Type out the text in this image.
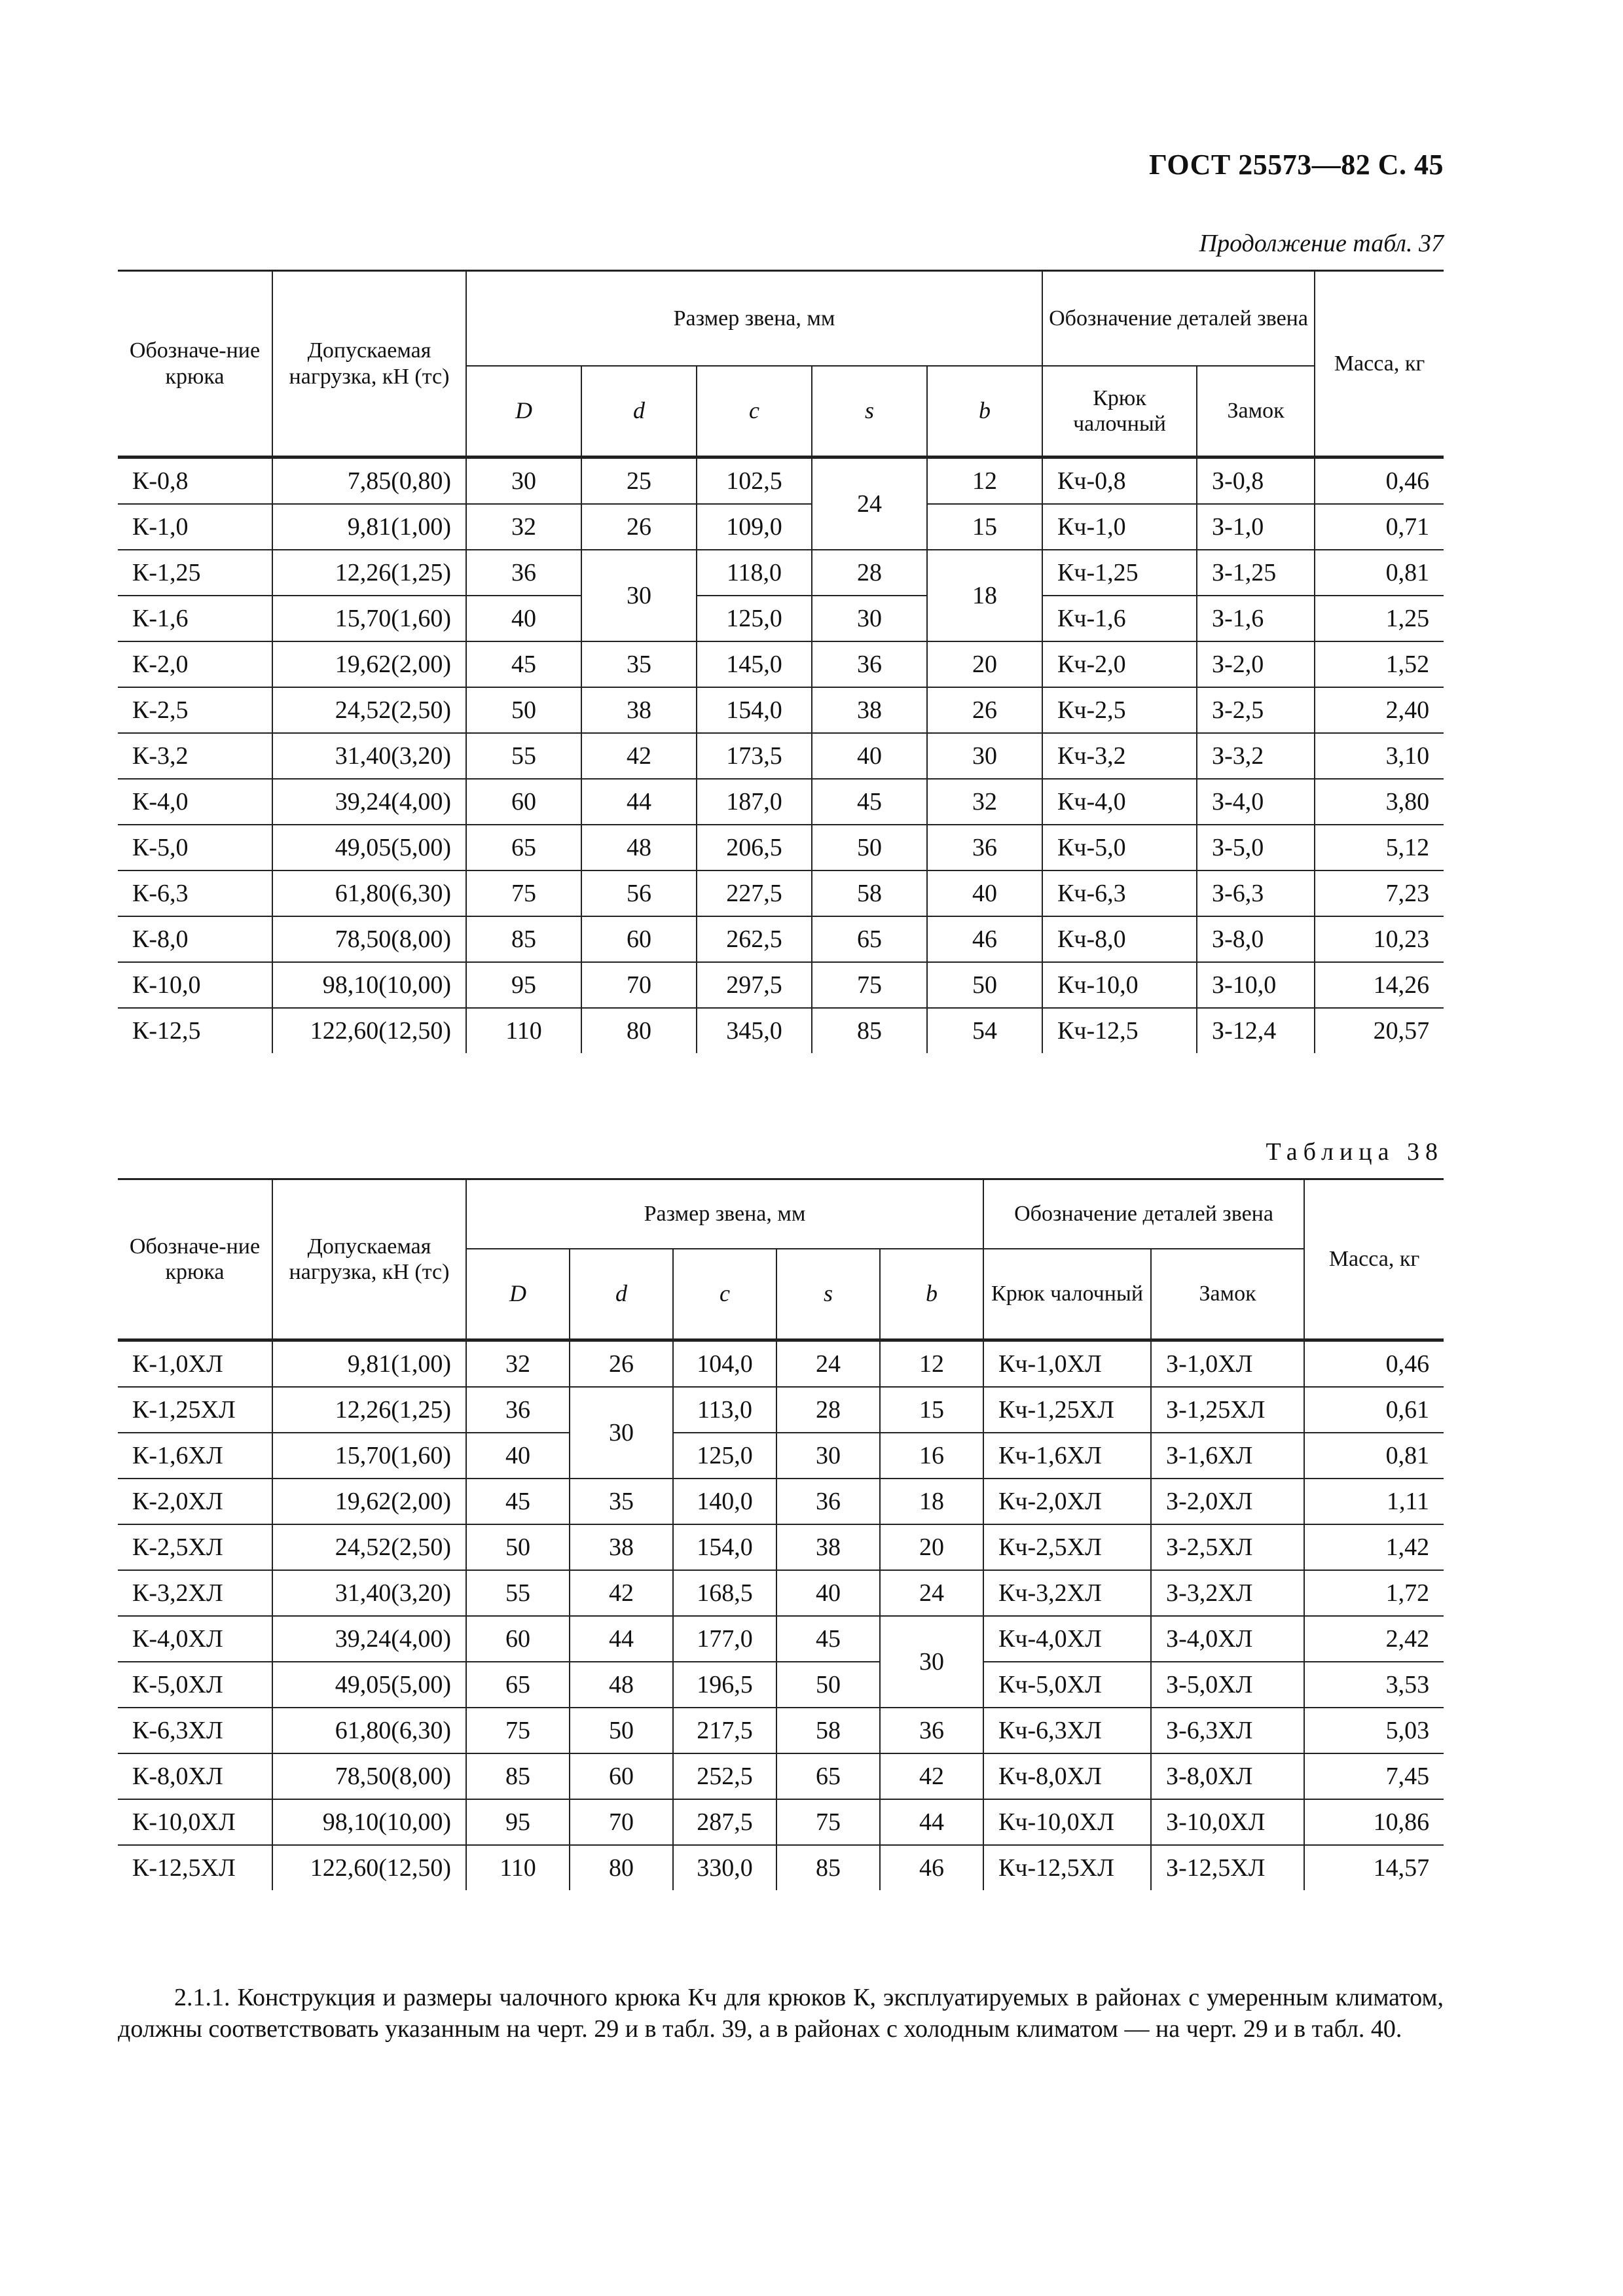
ГОСТ 25573—82 С. 45
Продолжение табл. 37
Обозначе-ние крюка	Допускаемая нагрузка, кН (тс)	Размер звена, мм					Обозначение деталей звена		Масса, кг
		D	d	c	s	b	Крюк чалочный	Замок	
К-0,8	7,85(0,80)	30	25	102,5	24	12	Кч-0,8	З-0,8	0,46
К-1,0	9,81(1,00)	32	26	109,0		15	Кч-1,0	З-1,0	0,71
К-1,25	12,26(1,25)	36	30	118,0	28	18	Кч-1,25	З-1,25	0,81
К-1,6	15,70(1,60)	40		125,0	30		Кч-1,6	З-1,6	1,25
К-2,0	19,62(2,00)	45	35	145,0	36	20	Кч-2,0	З-2,0	1,52
К-2,5	24,52(2,50)	50	38	154,0	38	26	Кч-2,5	З-2,5	2,40
К-3,2	31,40(3,20)	55	42	173,5	40	30	Кч-3,2	З-3,2	3,10
К-4,0	39,24(4,00)	60	44	187,0	45	32	Кч-4,0	З-4,0	3,80
К-5,0	49,05(5,00)	65	48	206,5	50	36	Кч-5,0	З-5,0	5,12
К-6,3	61,80(6,30)	75	56	227,5	58	40	Кч-6,3	З-6,3	7,23
К-8,0	78,50(8,00)	85	60	262,5	65	46	Кч-8,0	З-8,0	10,23
К-10,0	98,10(10,00)	95	70	297,5	75	50	Кч-10,0	З-10,0	14,26
К-12,5	122,60(12,50)	110	80	345,0	85	54	Кч-12,5	З-12,4	20,57
Таблица 38
Обозначе-ние крюка	Допускаемая нагрузка, кН (тс)	Размер звена, мм					Обозначение деталей звена		Масса, кг
		D	d	c	s	b	Крюк чалочный	Замок	
К-1,0ХЛ	9,81(1,00)	32	26	104,0	24	12	Кч-1,0ХЛ	З-1,0ХЛ	0,46
К-1,25ХЛ	12,26(1,25)	36	30	113,0	28	15	Кч-1,25ХЛ	З-1,25ХЛ	0,61
К-1,6ХЛ	15,70(1,60)	40		125,0	30	16	Кч-1,6ХЛ	З-1,6ХЛ	0,81
К-2,0ХЛ	19,62(2,00)	45	35	140,0	36	18	Кч-2,0ХЛ	З-2,0ХЛ	1,11
К-2,5ХЛ	24,52(2,50)	50	38	154,0	38	20	Кч-2,5ХЛ	З-2,5ХЛ	1,42
К-3,2ХЛ	31,40(3,20)	55	42	168,5	40	24	Кч-3,2ХЛ	З-3,2ХЛ	1,72
К-4,0ХЛ	39,24(4,00)	60	44	177,0	45	30	Кч-4,0ХЛ	З-4,0ХЛ	2,42
К-5,0ХЛ	49,05(5,00)	65	48	196,5	50		Кч-5,0ХЛ	З-5,0ХЛ	3,53
К-6,3ХЛ	61,80(6,30)	75	50	217,5	58	36	Кч-6,3ХЛ	З-6,3ХЛ	5,03
К-8,0ХЛ	78,50(8,00)	85	60	252,5	65	42	Кч-8,0ХЛ	З-8,0ХЛ	7,45
К-10,0ХЛ	98,10(10,00)	95	70	287,5	75	44	Кч-10,0ХЛ	З-10,0ХЛ	10,86
К-12,5ХЛ	122,60(12,50)	110	80	330,0	85	46	Кч-12,5ХЛ	З-12,5ХЛ	14,57

2.1.1. Конструкция и размеры чалочного крюка Кч для крюков К, эксплуатируемых в районах с умеренным климатом, должны соответствовать указанным на черт. 29 и в табл. 39, а в районах с холодным климатом — на черт. 29 и в табл. 40.
